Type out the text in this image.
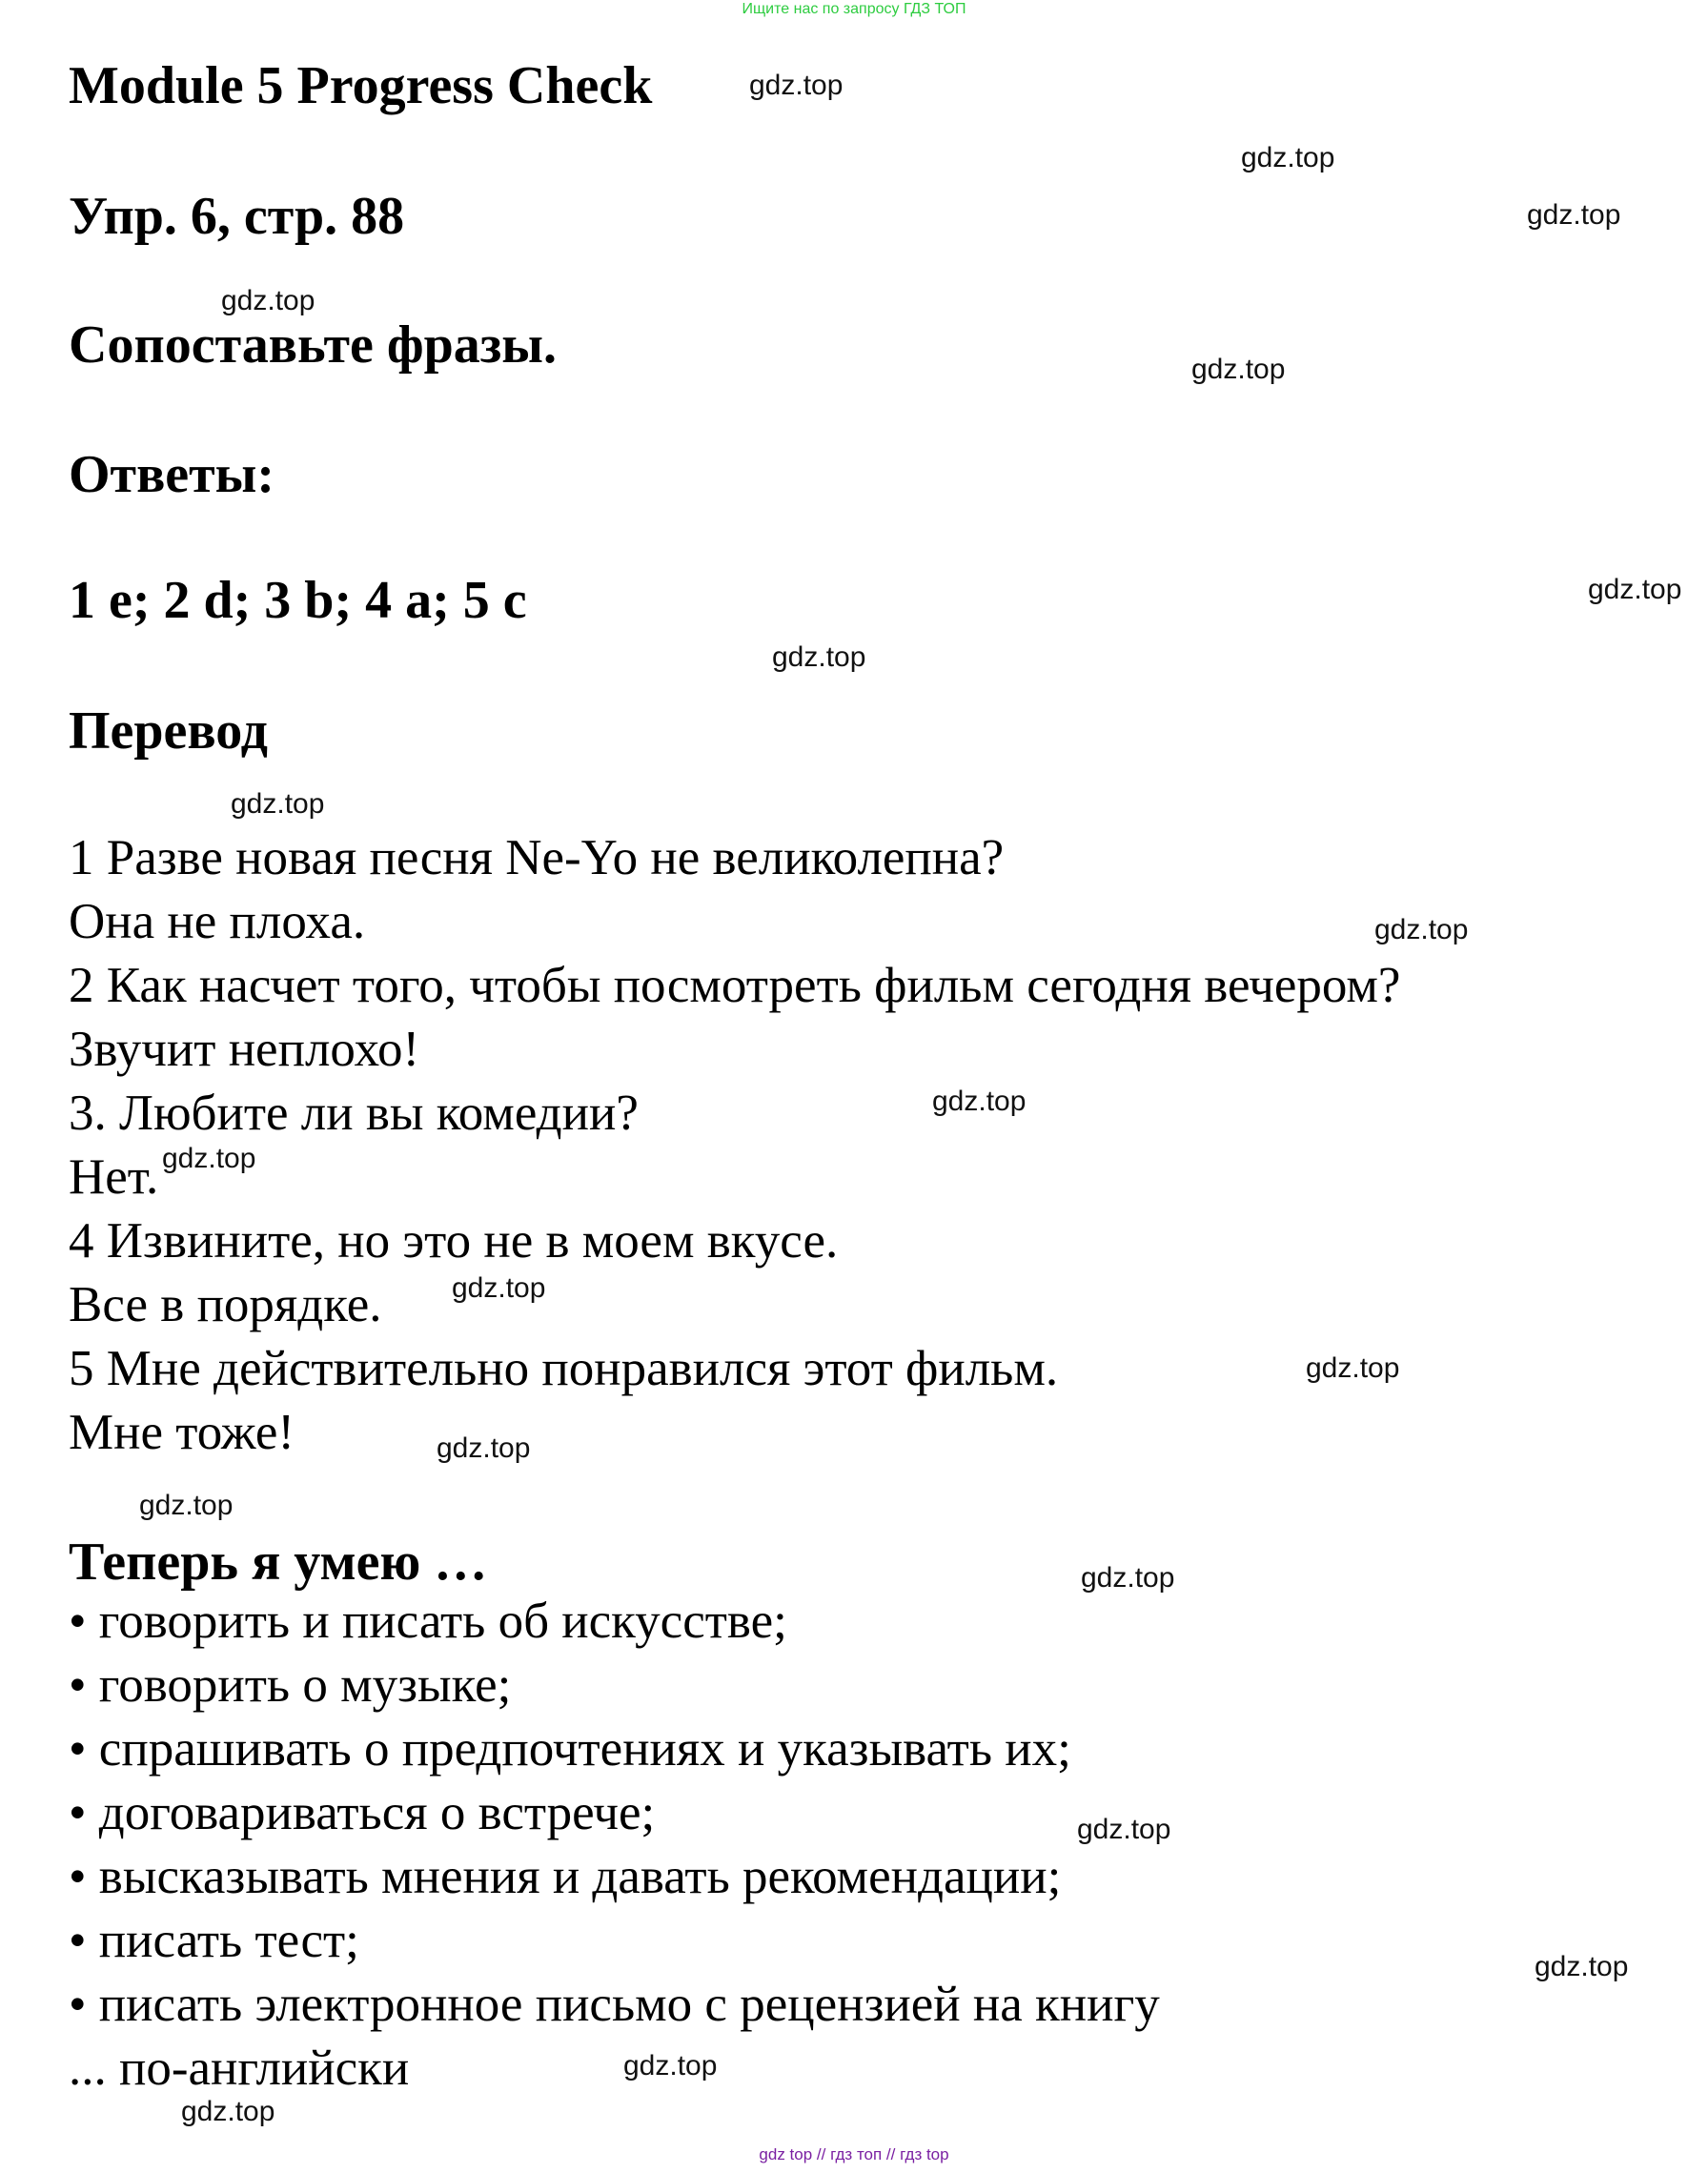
Ищите нас по запросу ГДЗ ТОП
Module 5 Progress Check
Упр. 6, стр. 88
Сопоставьте фразы.
Ответы:
1 e; 2 d; 3 b; 4 a; 5 c
Перевод
1 Разве новая песня Ne-Yo не великолепна?
Она не плоха.
2 Как насчет того, чтобы посмотреть фильм сегодня вечером?
Звучит неплохо!
3. Любите ли вы комедии?
Нет.
4 Извините, но это не в моем вкусе.
Все в порядке.
5 Мне действительно понравился этот фильм.
Мне тоже!
Теперь я умею …
• говорить и писать об искусстве;
• говорить о музыке;
• спрашивать о предпочтениях и указывать их;
• договариваться о встрече;
• высказывать мнения и давать рекомендации;
• писать тест;
• писать электронное письмо с рецензией на книгу
... по-английски
gdz.top
gdz.top
gdz.top
gdz.top
gdz.top
gdz.top
gdz.top
gdz.top
gdz.top
gdz.top
gdz.top
gdz.top
gdz.top
gdz.top
gdz.top
gdz.top
gdz.top
gdz.top
gdz.top
gdz.top
gdz top // гдз топ // гдз top
